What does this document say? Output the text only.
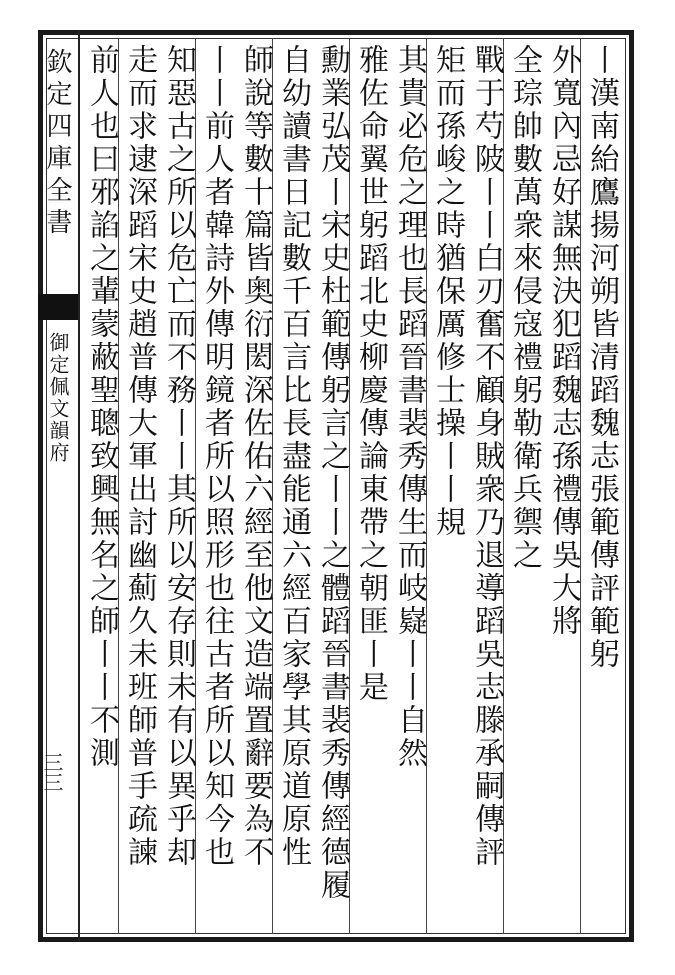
欽定四庫全書
御定佩文韻府
三三
丨漢南紿鷹揚河朔皆清蹈魏志張範傳評範躬
外寬內忌好謀無決犯蹈魏志孫禮傳吳大將
全琮帥數萬衆來侵寇禮躬勒衛兵禦之
戰于芍陂丨丨白刃奮不顧身賊衆乃退導蹈吳志滕承嗣傳評
矩而孫峻之時猶保厲修士操丨丨規
其貴必危之理也長蹈晉書裴秀傳生而岐嶷丨丨自然
雅佐命翼世躬蹈北史柳慶傳論東帶之朝匪丨是
勳業弘茂丨宋史杜範傳躬言之丨丨之體蹈晉書裴秀傳經德履
自幼讀書日記數千百言比長盡能通六經百家學其原道原性
師說等數十篇皆奥衍閎深佐佑六經至他文造端置辭要為不
丨丨前人者韓詩外傳明鏡者所以照形也往古者所以知今也
知惡古之所以危亡而不務丨丨其所以安存則未有以異乎却
走而求逮深蹈宋史趙普傳大軍出討幽薊久未班師普手疏諫
前人也曰邪諂之輩蒙蔽聖聰致興無名之師丨丨不測
